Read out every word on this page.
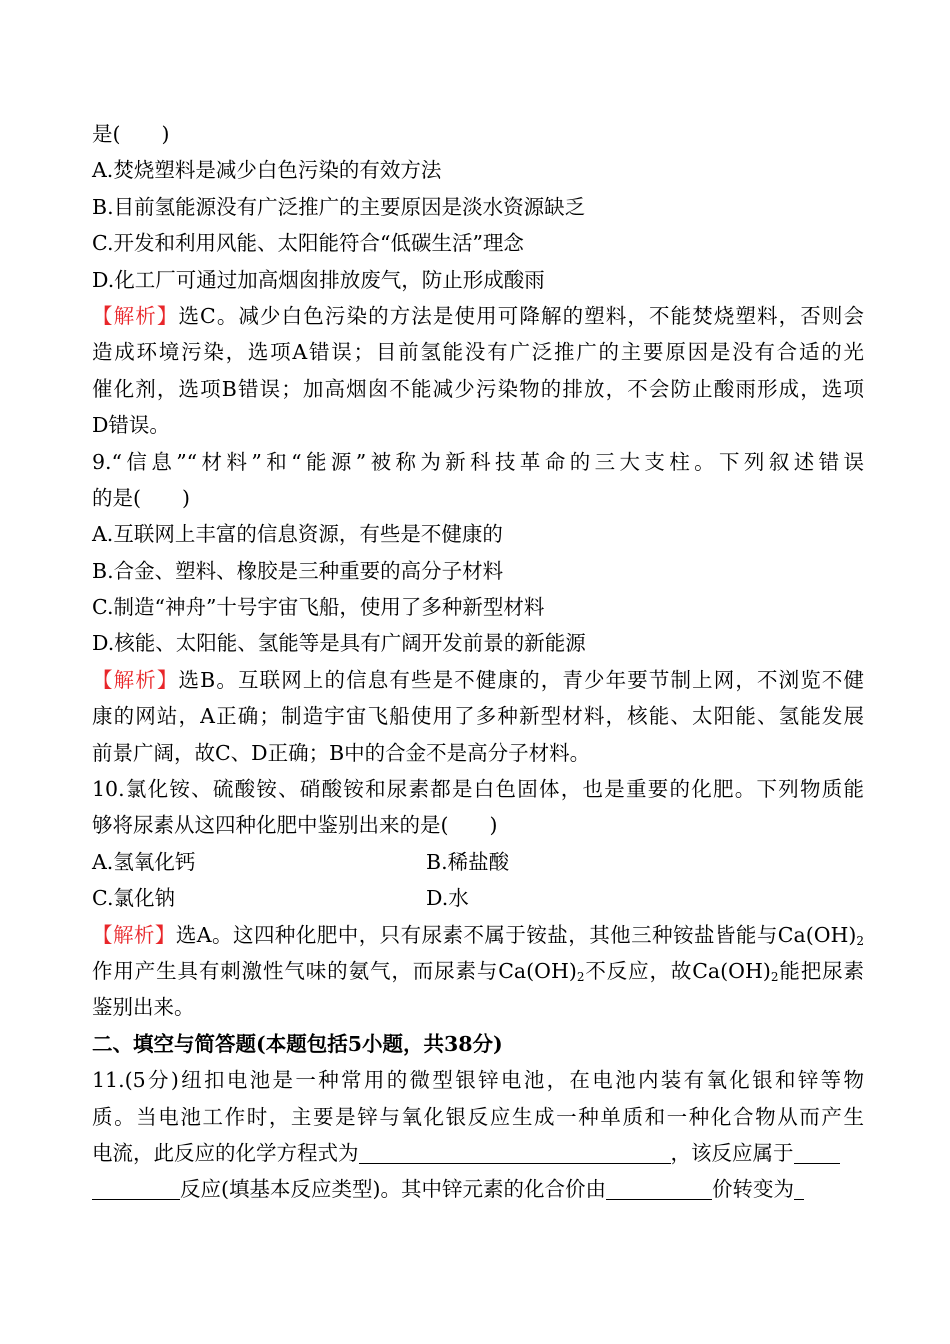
是(　　)
A.焚烧塑料是减少白色污染的有效方法
B.目前氢能源没有广泛推广的主要原因是淡水资源缺乏
C.开发和利用风能、太阳能符合“低碳生活”理念
D.化工厂可通过加高烟囱排放废气，防止形成酸雨
【解析】选C。减少白色污染的方法是使用可降解的塑料，不能焚烧塑料，否则会
造成环境污染，选项A错误；目前氢能没有广泛推广的主要原因是没有合适的光
催化剂，选项B错误；加高烟囱不能减少污染物的排放，不会防止酸雨形成，选项
D错误。
9.“信息”“材料”和“能源”被称为新科技革命的三大支柱。下列叙述错误
的是(　　)
A.互联网上丰富的信息资源，有些是不健康的
B.合金、塑料、橡胶是三种重要的高分子材料
C.制造“神舟”十号宇宙飞船，使用了多种新型材料
D.核能、太阳能、氢能等是具有广阔开发前景的新能源
【解析】选B。互联网上的信息有些是不健康的，青少年要节制上网，不浏览不健
康的网站，A正确；制造宇宙飞船使用了多种新型材料，核能、太阳能、氢能发展
前景广阔，故C、D正确；B中的合金不是高分子材料。
10.氯化铵、硫酸铵、硝酸铵和尿素都是白色固体，也是重要的化肥。下列物质能
够将尿素从这四种化肥中鉴别出来的是(　　)
A.氢氧化钙	B.稀盐酸
C.氯化钠	D.水
【解析】选A。这四种化肥中，只有尿素不属于铵盐，其他三种铵盐皆能与$Ca(OH)_2$
作用产生具有刺激性气味的氨气，而尿素与$Ca(OH)_2$不反应，故$Ca(OH)_2$能把尿素
鉴别出来。
二、填空与简答题(本题包括5小题，共38分)
11.(5分)纽扣电池是一种常用的微型银锌电池，在电池内装有氧化银和锌等物
质。当电池工作时，主要是锌与氧化银反应生成一种单质和一种化合物从而产生
电流，此反应的化学方程式为	，该反应属于
反应(填基本反应类型)。其中锌元素的化合价由	价转变为
